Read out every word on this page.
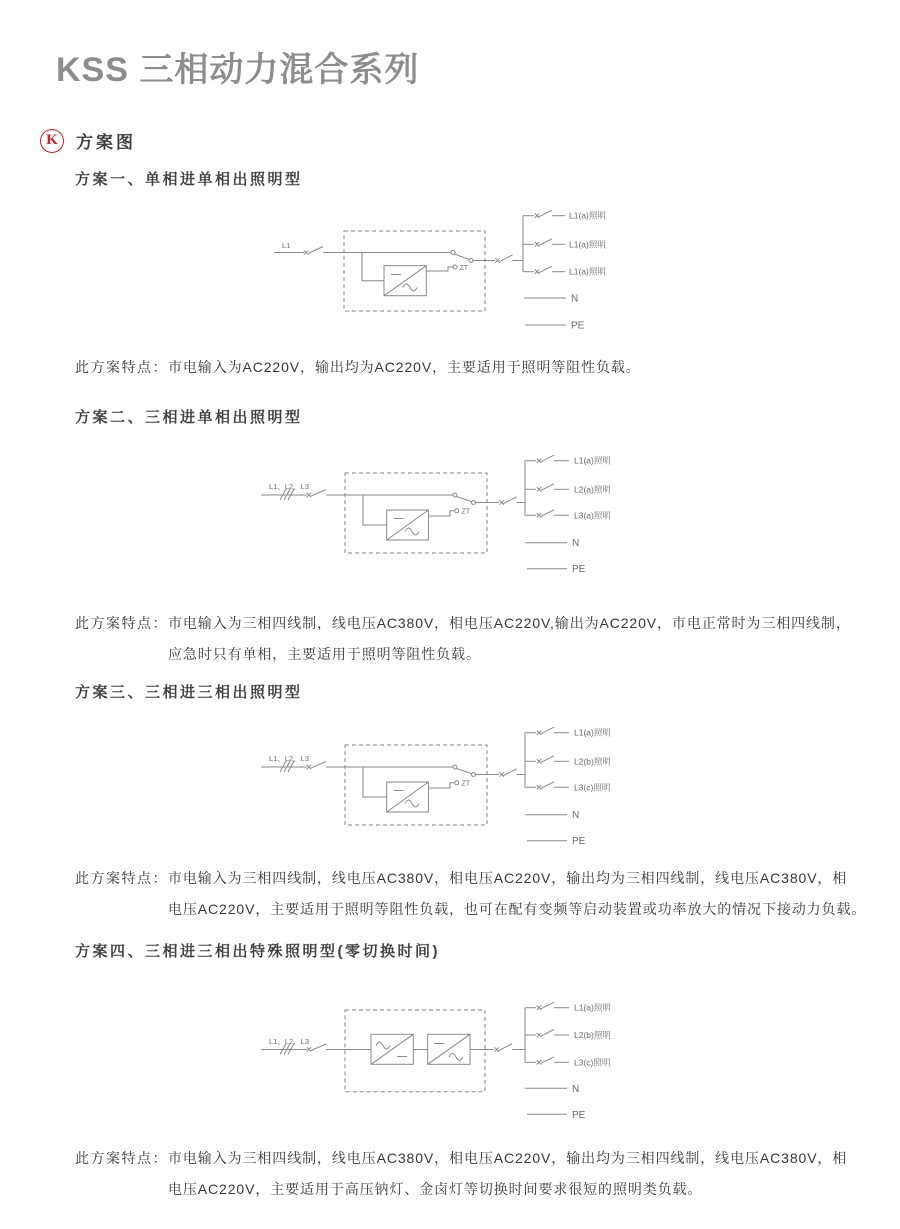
KSS 三相动力混合系列
K	方案图
方案一、单相进单相出照明型
L1
ZT
L1(a)照明
L1(a)照明
L1(a)照明
N
PE
此方案特点： 市电输入为AC220V，输出均为AC220V，主要适用于照明等阻性负载。
方案二、三相进单相出照明型
L1、L2、L3
ZT
L1(a)照明
L2(a)照明
L3(a)照明
N
PE
此方案特点： 市电输入为三相四线制，线电压AC380V，相电压AC220V,输出为AC220V，市电正常时为三相四线制，
应急时只有单相，主要适用于照明等阻性负载。
方案三、三相进三相出照明型
L1、L2、L3
ZT
L1(a)照明
L2(b)照明
L3(c)照明
N
PE
此方案特点： 市电输入为三相四线制，线电压AC380V，相电压AC220V，输出均为三相四线制，线电压AC380V，相
电压AC220V，主要适用于照明等阻性负载，也可在配有变频等启动装置或功率放大的情况下接动力负载。
方案四、三相进三相出特殊照明型(零切换时间)
L1、L2、L3
L1(a)照明
L2(b)照明
L3(c)照明
N
PE
此方案特点： 市电输入为三相四线制，线电压AC380V，相电压AC220V，输出均为三相四线制，线电压AC380V，相
电压AC220V，主要适用于高压钠灯、金卤灯等切换时间要求很短的照明类负载。
